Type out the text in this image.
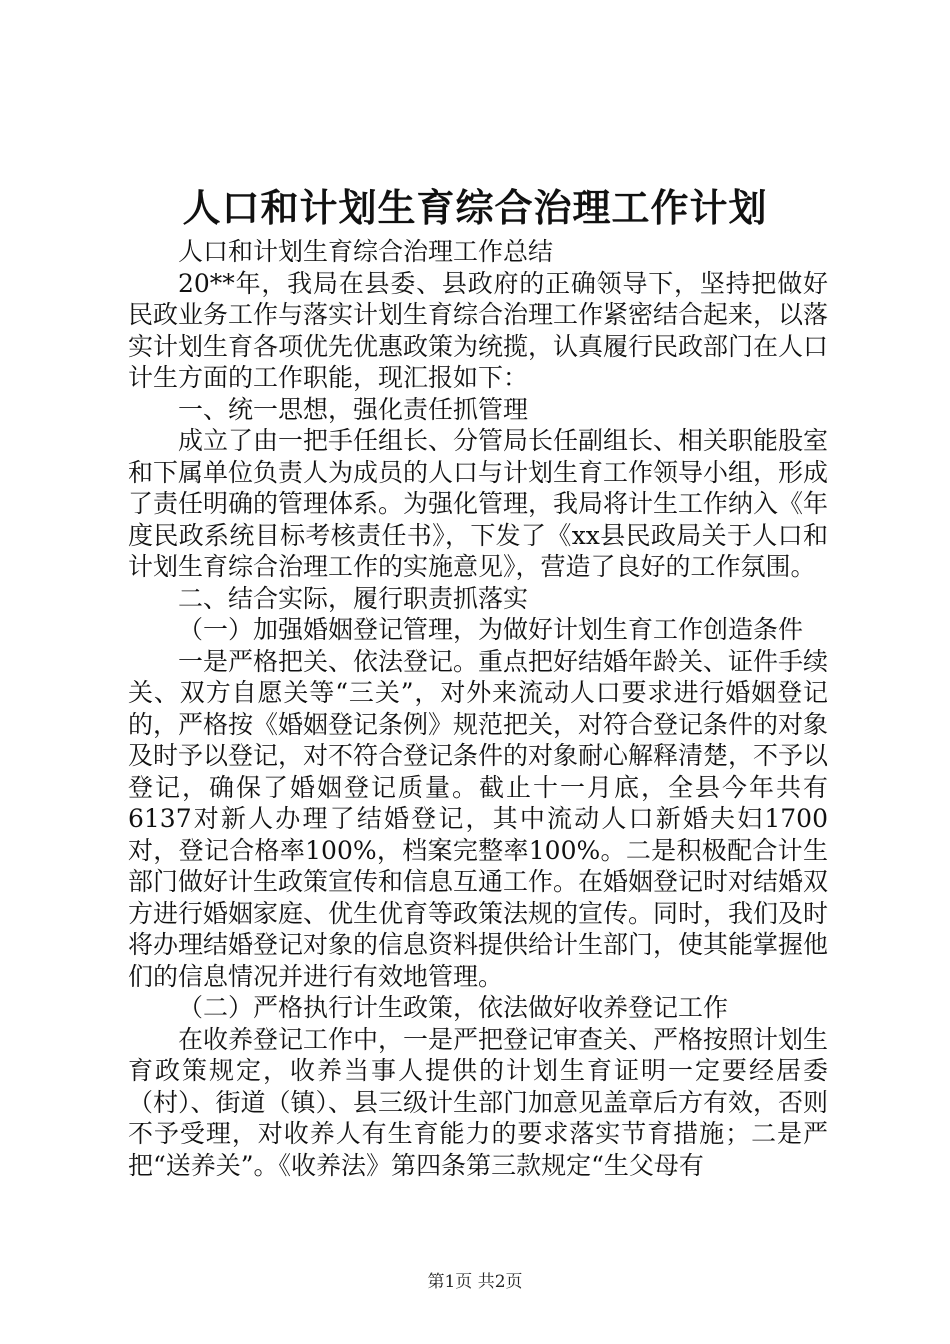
人口和计划生育综合治理工作计划

人口和计划生育综合治理工作总结

20**年，我局在县委、县政府的正确领导下，坚持把做好民政业务工作与落实计划生育综合治理工作紧密结合起来，以落实计划生育各项优先优惠政策为统揽，认真履行民政部门在人口计生方面的工作职能，现汇报如下：

一、统一思想，强化责任抓管理

成立了由一把手任组长、分管局长任副组长、相关职能股室和下属单位负责人为成员的人口与计划生育工作领导小组，形成了责任明确的管理体系。为强化管理，我局将计生工作纳入《年度民政系统目标考核责任书》，下发了《xx县民政局关于人口和计划生育综合治理工作的实施意见》，营造了良好的工作氛围。

二、结合实际，履行职责抓落实

（一）加强婚姻登记管理，为做好计划生育工作创造条件

一是严格把关、依法登记。重点把好结婚年龄关、证件手续关、双方自愿关等“三关”，对外来流动人口要求进行婚姻登记的，严格按《婚姻登记条例》规范把关，对符合登记条件的对象及时予以登记，对不符合登记条件的对象耐心解释清楚，不予以登记，确保了婚姻登记质量。截止十一月底，全县今年共有6137对新人办理了结婚登记，其中流动人口新婚夫妇1700对，登记合格率100%，档案完整率100%。二是积极配合计生部门做好计生政策宣传和信息互通工作。在婚姻登记时对结婚双方进行婚姻家庭、优生优育等政策法规的宣传。同时，我们及时将办理结婚登记对象的信息资料提供给计生部门，使其能掌握他们的信息情况并进行有效地管理。

（二）严格执行计生政策，依法做好收养登记工作

在收养登记工作中，一是严把登记审查关、严格按照计划生育政策规定，收养当事人提供的计划生育证明一定要经居委（村）、街道（镇）、县三级计生部门加意见盖章后方有效，否则不予受理，对收养人有生育能力的要求落实节育措施；二是严把“送养关”。《收养法》第四条第三款规定“生父母有

第1页 共2页
